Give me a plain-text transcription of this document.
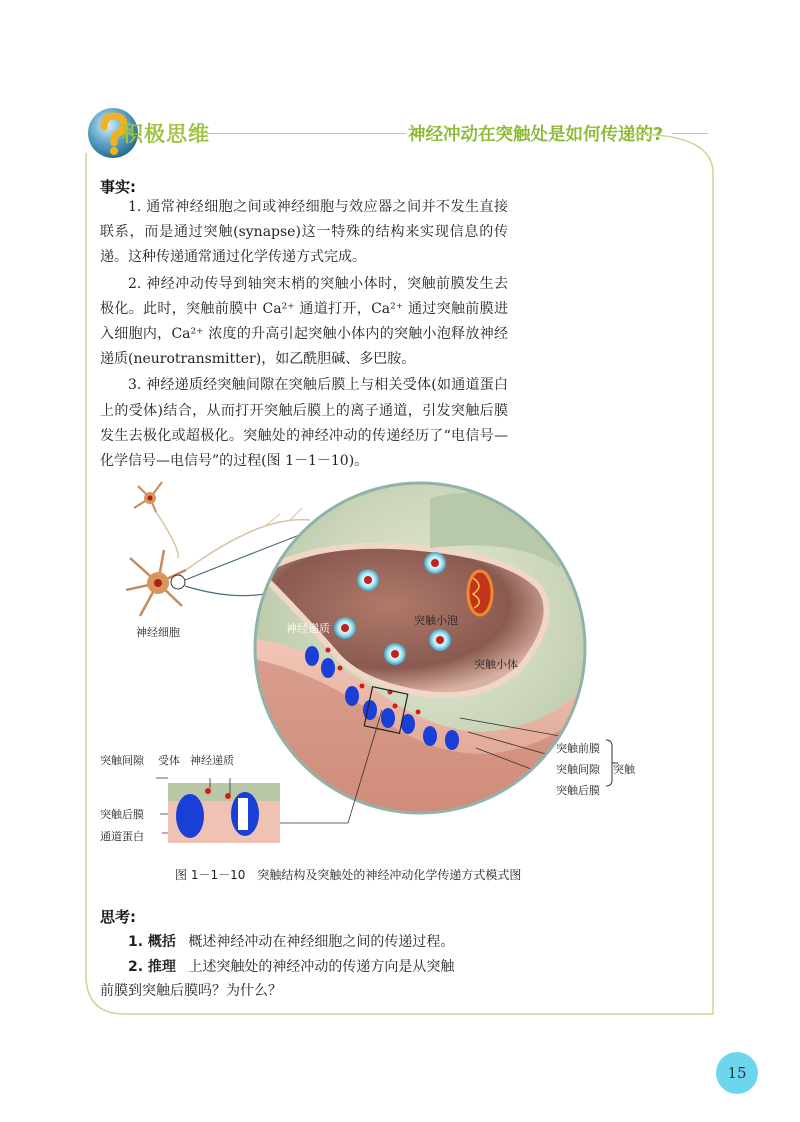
积极思维	神经冲动在突触处是如何传递的?
事实:

1. 通常神经细胞之间或神经细胞与效应器之间并不发生直接联系，而是通过突触(synapse)这一特殊的结构来实现信息的传递。这种传递通常通过化学传递方式完成。

2. 神经冲动传导到轴突末梢的突触小体时，突触前膜发生去极化。此时，突触前膜中 Ca²⁺ 通道打开，Ca²⁺ 通过突触前膜进入细胞内，Ca²⁺ 浓度的升高引起突触小体内的突触小泡释放神经递质(neurotransmitter)，如乙酰胆碱、多巴胺。

3. 神经递质经突触间隙在突触后膜上与相关受体(如通道蛋白上的受体)结合，从而打开突触后膜上的离子通道，引发突触后膜发生去极化或超极化。突触处的神经冲动的传递经历了“电信号—化学信号—电信号”的过程(图 1－1－10)。

神经细胞	神经递质
突触小泡
突触小体
突触前膜
突触间隙
突触后膜
突触
突触间隙 受体 神经递质
突触后膜
通道蛋白
图 1－1－10　突触结构及突触处的神经冲动化学传递方式模式图
思考:
1. 概括 概述神经冲动在神经细胞之间的传递过程。
2. 推理 上述突触处的神经冲动的传递方向是从突触
前膜到突触后膜吗？为什么？
15
